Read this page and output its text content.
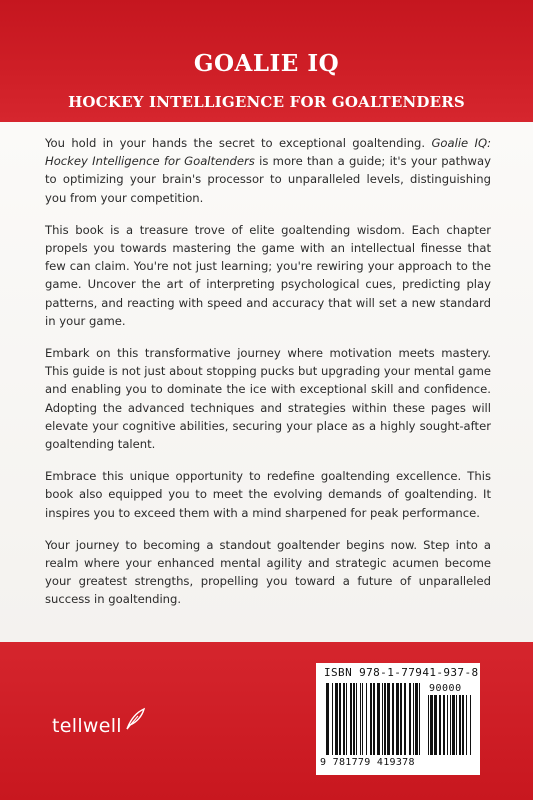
GOALIE IQ
HOCKEY INTELLIGENCE FOR GOALTENDERS

You hold in your hands the secret to exceptional goaltending. Goalie IQ: Hockey Intelligence for Goaltenders is more than a guide; it's your pathway to optimizing your brain's processor to unparalleled levels, distinguishing you from your competition.

This book is a treasure trove of elite goaltending wisdom. Each chapter propels you towards mastering the game with an intellectual finesse that few can claim. You're not just learning; you're rewiring your approach to the game. Uncover the art of interpreting psychological cues, predicting play patterns, and reacting with speed and accuracy that will set a new standard in your game.

Embark on this transformative journey where motivation meets mastery. This guide is not just about stopping pucks but upgrading your mental game and enabling you to dominate the ice with exceptional skill and confidence. Adopting the advanced techniques and strategies within these pages will elevate your cognitive abilities, securing your place as a highly sought-after goaltending talent.

Embrace this unique opportunity to redefine goaltending excellence. This book also equipped you to meet the evolving demands of goaltending. It inspires you to exceed them with a mind sharpened for peak performance.

Your journey to becoming a standout goaltender begins now. Step into a realm where your enhanced mental agility and strategic acumen become your greatest strengths, propelling you toward a future of unparalleled success in goaltending.

tellwell
ISBN 978-1-77941-937-8
90000
9 781779 419378
